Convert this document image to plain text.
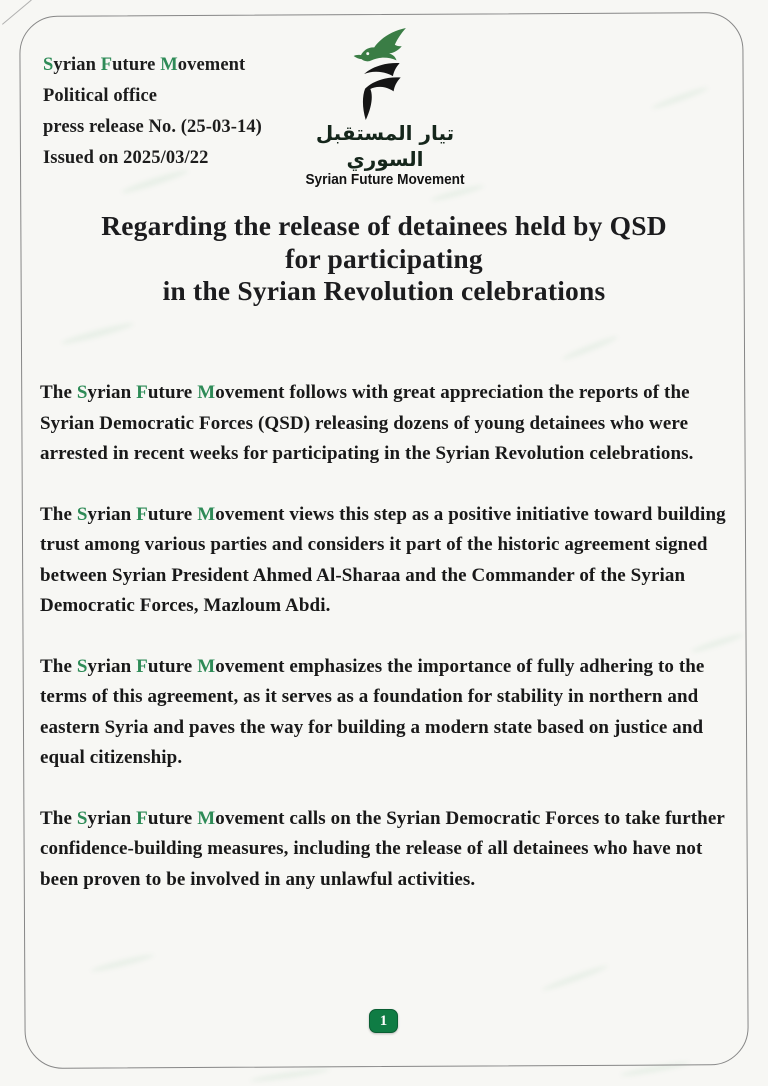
Syrian Future Movement
Political office
press release No. (25-03-14)
Issued on 2025/03/22
تيار المستقبل السوري
Syrian Future Movement
Regarding the release of detainees held by QSD
for participating
in the Syrian Revolution celebrations

The Syrian Future Movement follows with great appreciation the reports of the Syrian Democratic Forces (QSD) releasing dozens of young detainees who were arrested in recent weeks for participating in the Syrian Revolution celebrations.

The Syrian Future Movement views this step as a positive initiative toward building trust among various parties and considers it part of the historic agreement signed between Syrian President Ahmed Al-Sharaa and the Commander of the Syrian Democratic Forces, Mazloum Abdi.

The Syrian Future Movement emphasizes the importance of fully adhering to the terms of this agreement, as it serves as a foundation for stability in northern and eastern Syria and paves the way for building a modern state based on justice and equal citizenship.

The Syrian Future Movement calls on the Syrian Democratic Forces to take further confidence-building measures, including the release of all detainees who have not been proven to be involved in any unlawful activities.

1
